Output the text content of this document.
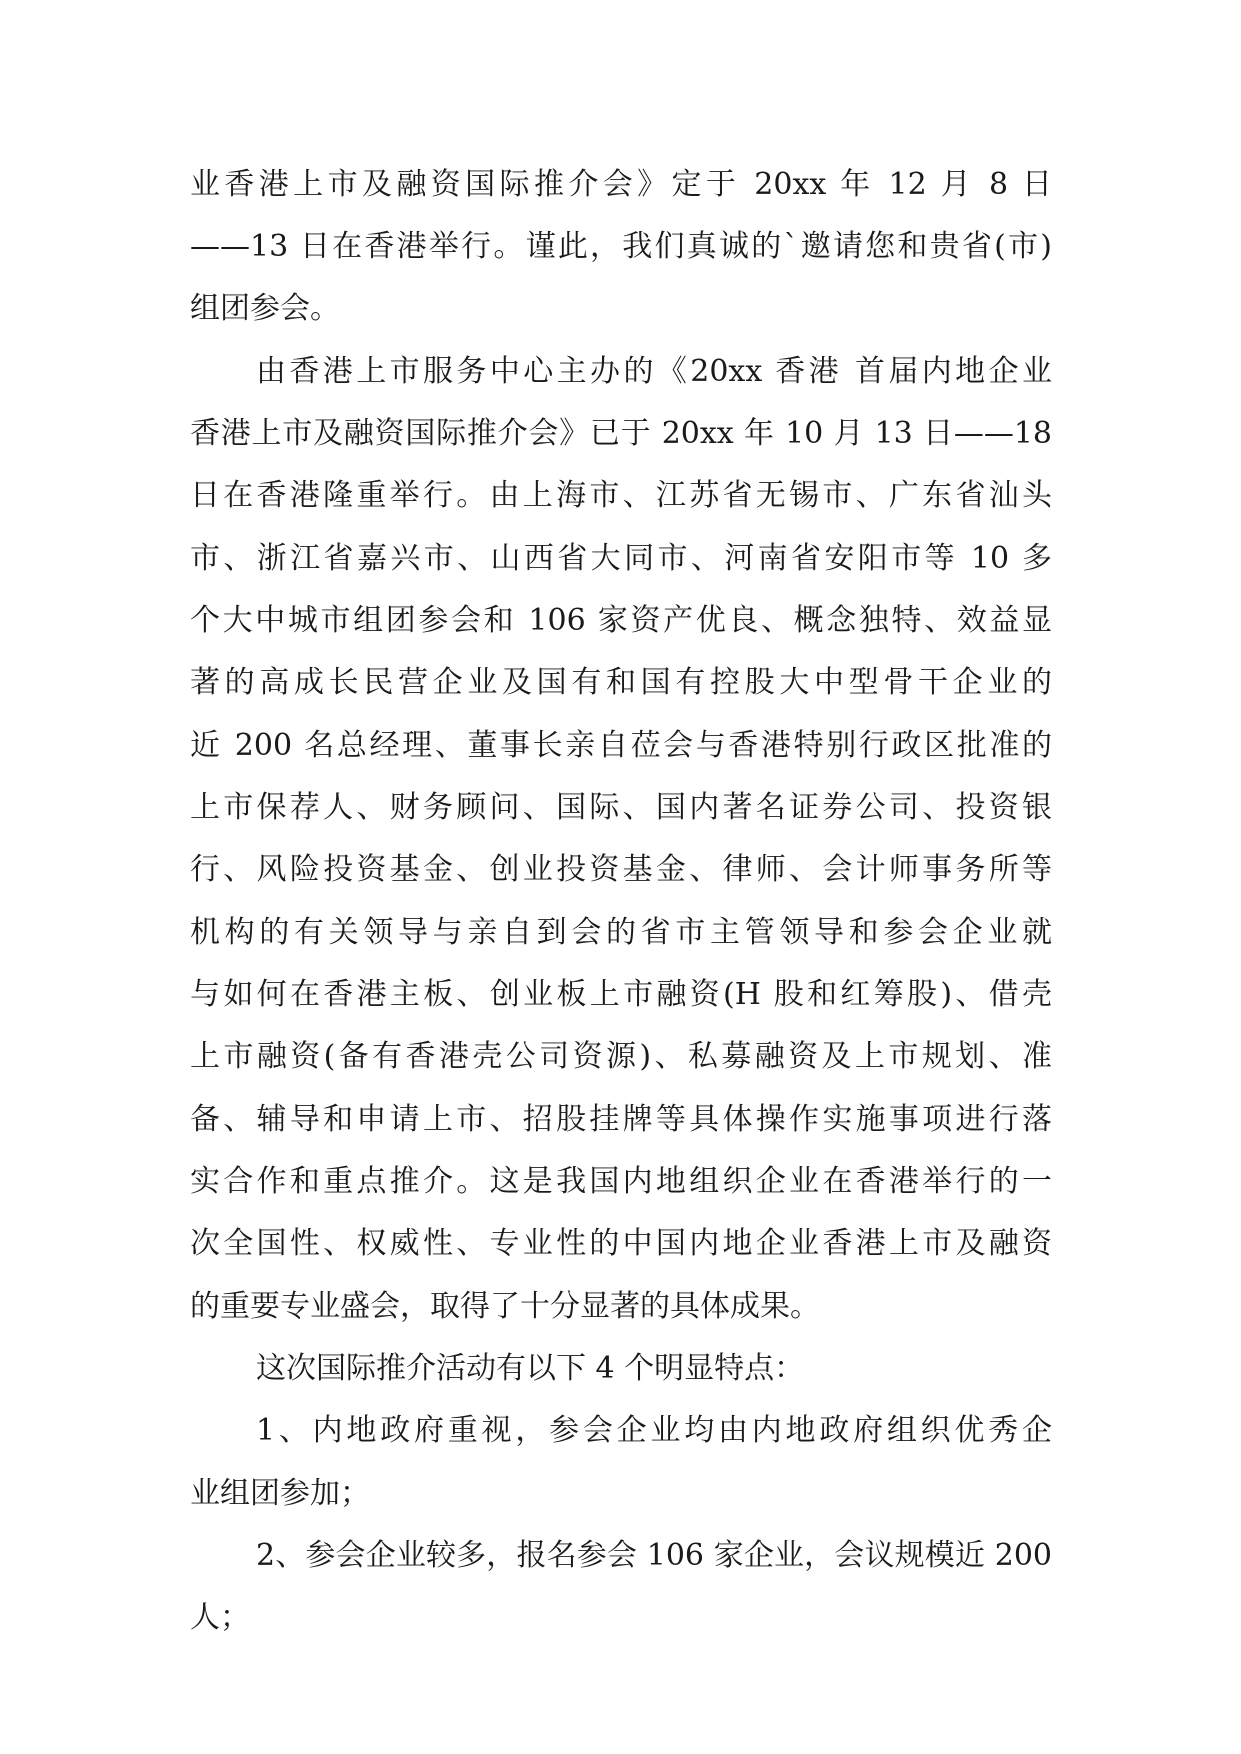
业香港上市及融资国际推介会》定于 20xx 年 12 月 8 日
——13 日在香港举行。谨此，我们真诚的`邀请您和贵省(市)
组团参会。
由香港上市服务中心主办的《20xx 香港 首届内地企业
香港上市及融资国际推介会》已于 20xx 年 10 月 13 日——18
日在香港隆重举行。由上海市、江苏省无锡市、广东省汕头
市、浙江省嘉兴市、山西省大同市、河南省安阳市等 10 多
个大中城市组团参会和 106 家资产优良、概念独特、效益显
著的高成长民营企业及国有和国有控股大中型骨干企业的
近 200 名总经理、董事长亲自莅会与香港特别行政区批准的
上市保荐人、财务顾问、国际、国内著名证券公司、投资银
行、风险投资基金、创业投资基金、律师、会计师事务所等
机构的有关领导与亲自到会的省市主管领导和参会企业就
与如何在香港主板、创业板上市融资(H 股和红筹股)、借壳
上市融资(备有香港壳公司资源)、私募融资及上市规划、准
备、辅导和申请上市、招股挂牌等具体操作实施事项进行落
实合作和重点推介。这是我国内地组织企业在香港举行的一
次全国性、权威性、专业性的中国内地企业香港上市及融资
的重要专业盛会，取得了十分显著的具体成果。
这次国际推介活动有以下 4 个明显特点：
1、内地政府重视，参会企业均由内地政府组织优秀企
业组团参加；
2、参会企业较多，报名参会 106 家企业，会议规模近 200
人；
